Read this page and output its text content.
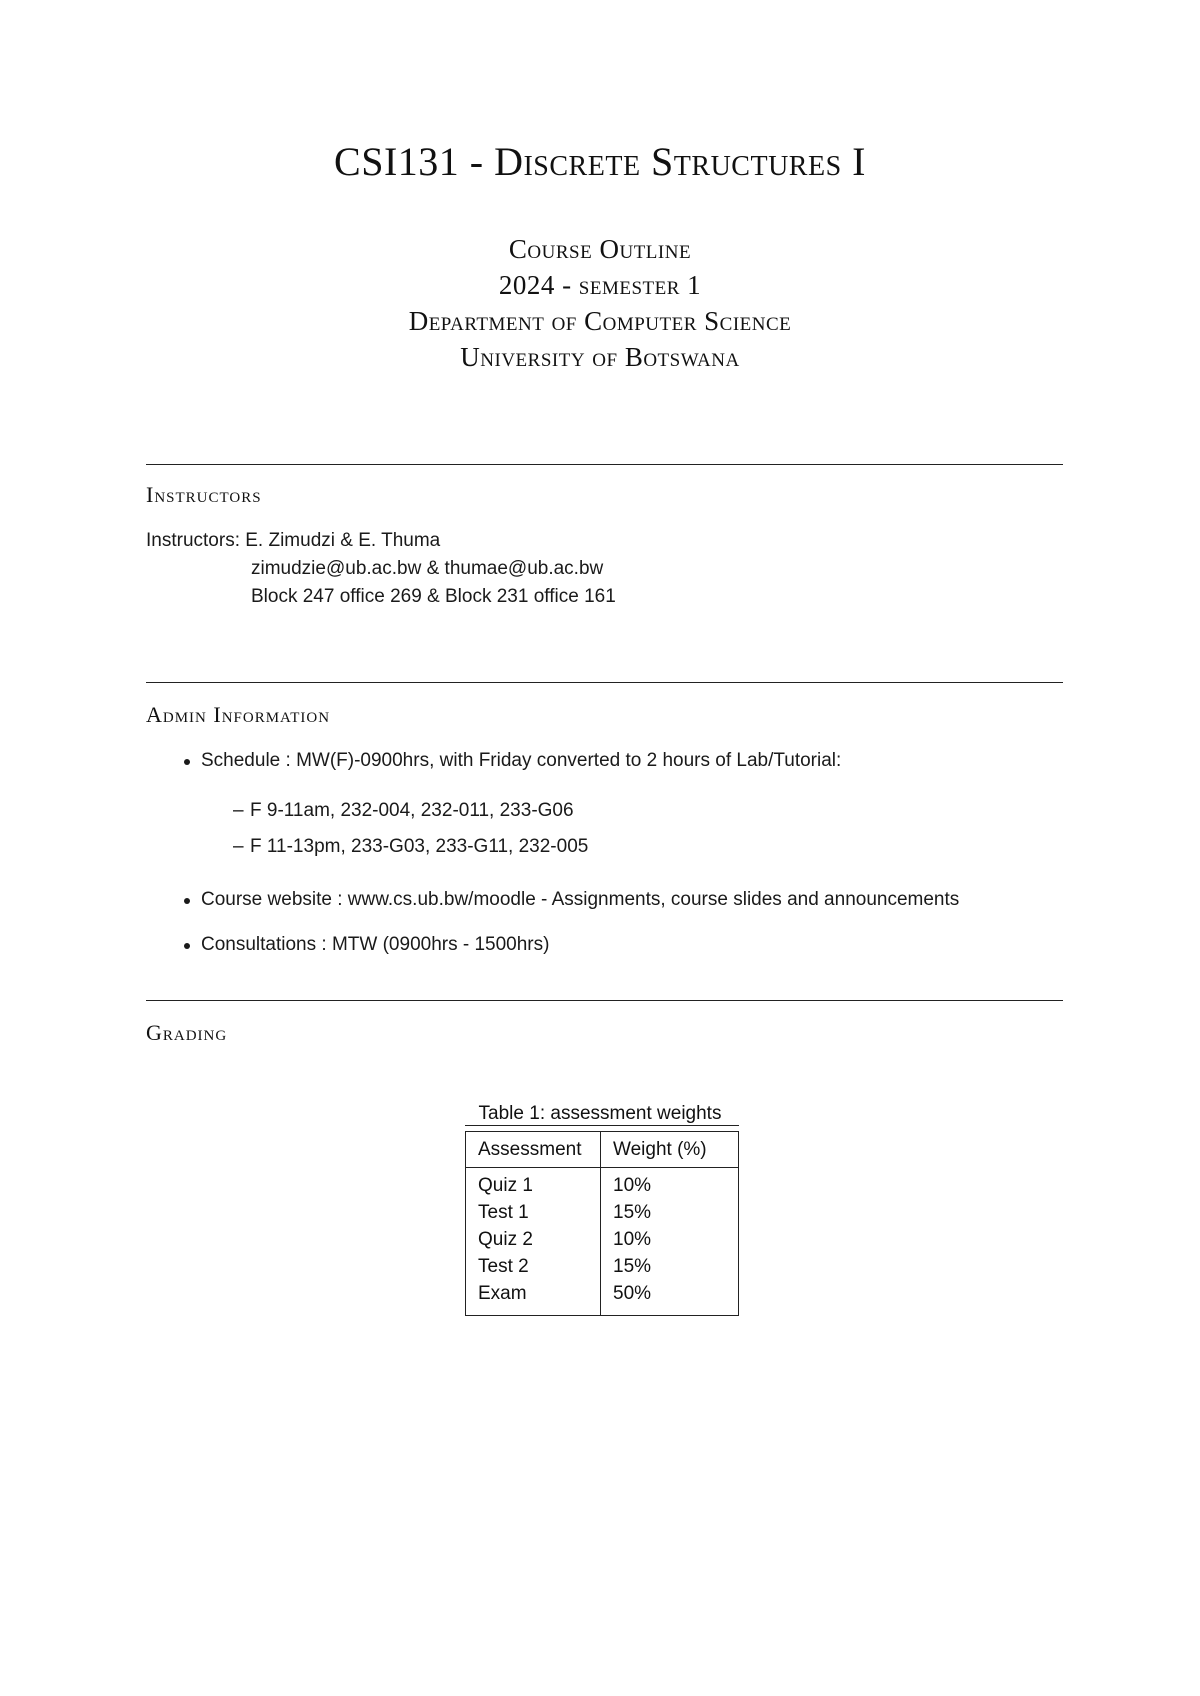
CSI131 - Discrete Structures I
Course Outline
2024 - semester 1
Department of Computer Science
University of Botswana
Instructors
Instructors: E. Zimudzi & E. Thuma
zimudzie@ub.ac.bw & thumae@ub.ac.bw
Block 247 office 269 & Block 231 office 161
Admin Information
Schedule : MW(F)-0900hrs, with Friday converted to 2 hours of Lab/Tutorial:
– F 9-11am, 232-004, 232-011, 233-G06
– F 11-13pm, 233-G03, 233-G11, 232-005
Course website : www.cs.ub.bw/moodle - Assignments, course slides and announcements
Consultations : MTW (0900hrs - 1500hrs)
Grading
Table 1: assessment weights
Assessment	Weight (%)
Quiz 1	10%
Test 1	15%
Quiz 2	10%
Test 2	15%
Exam	50%
